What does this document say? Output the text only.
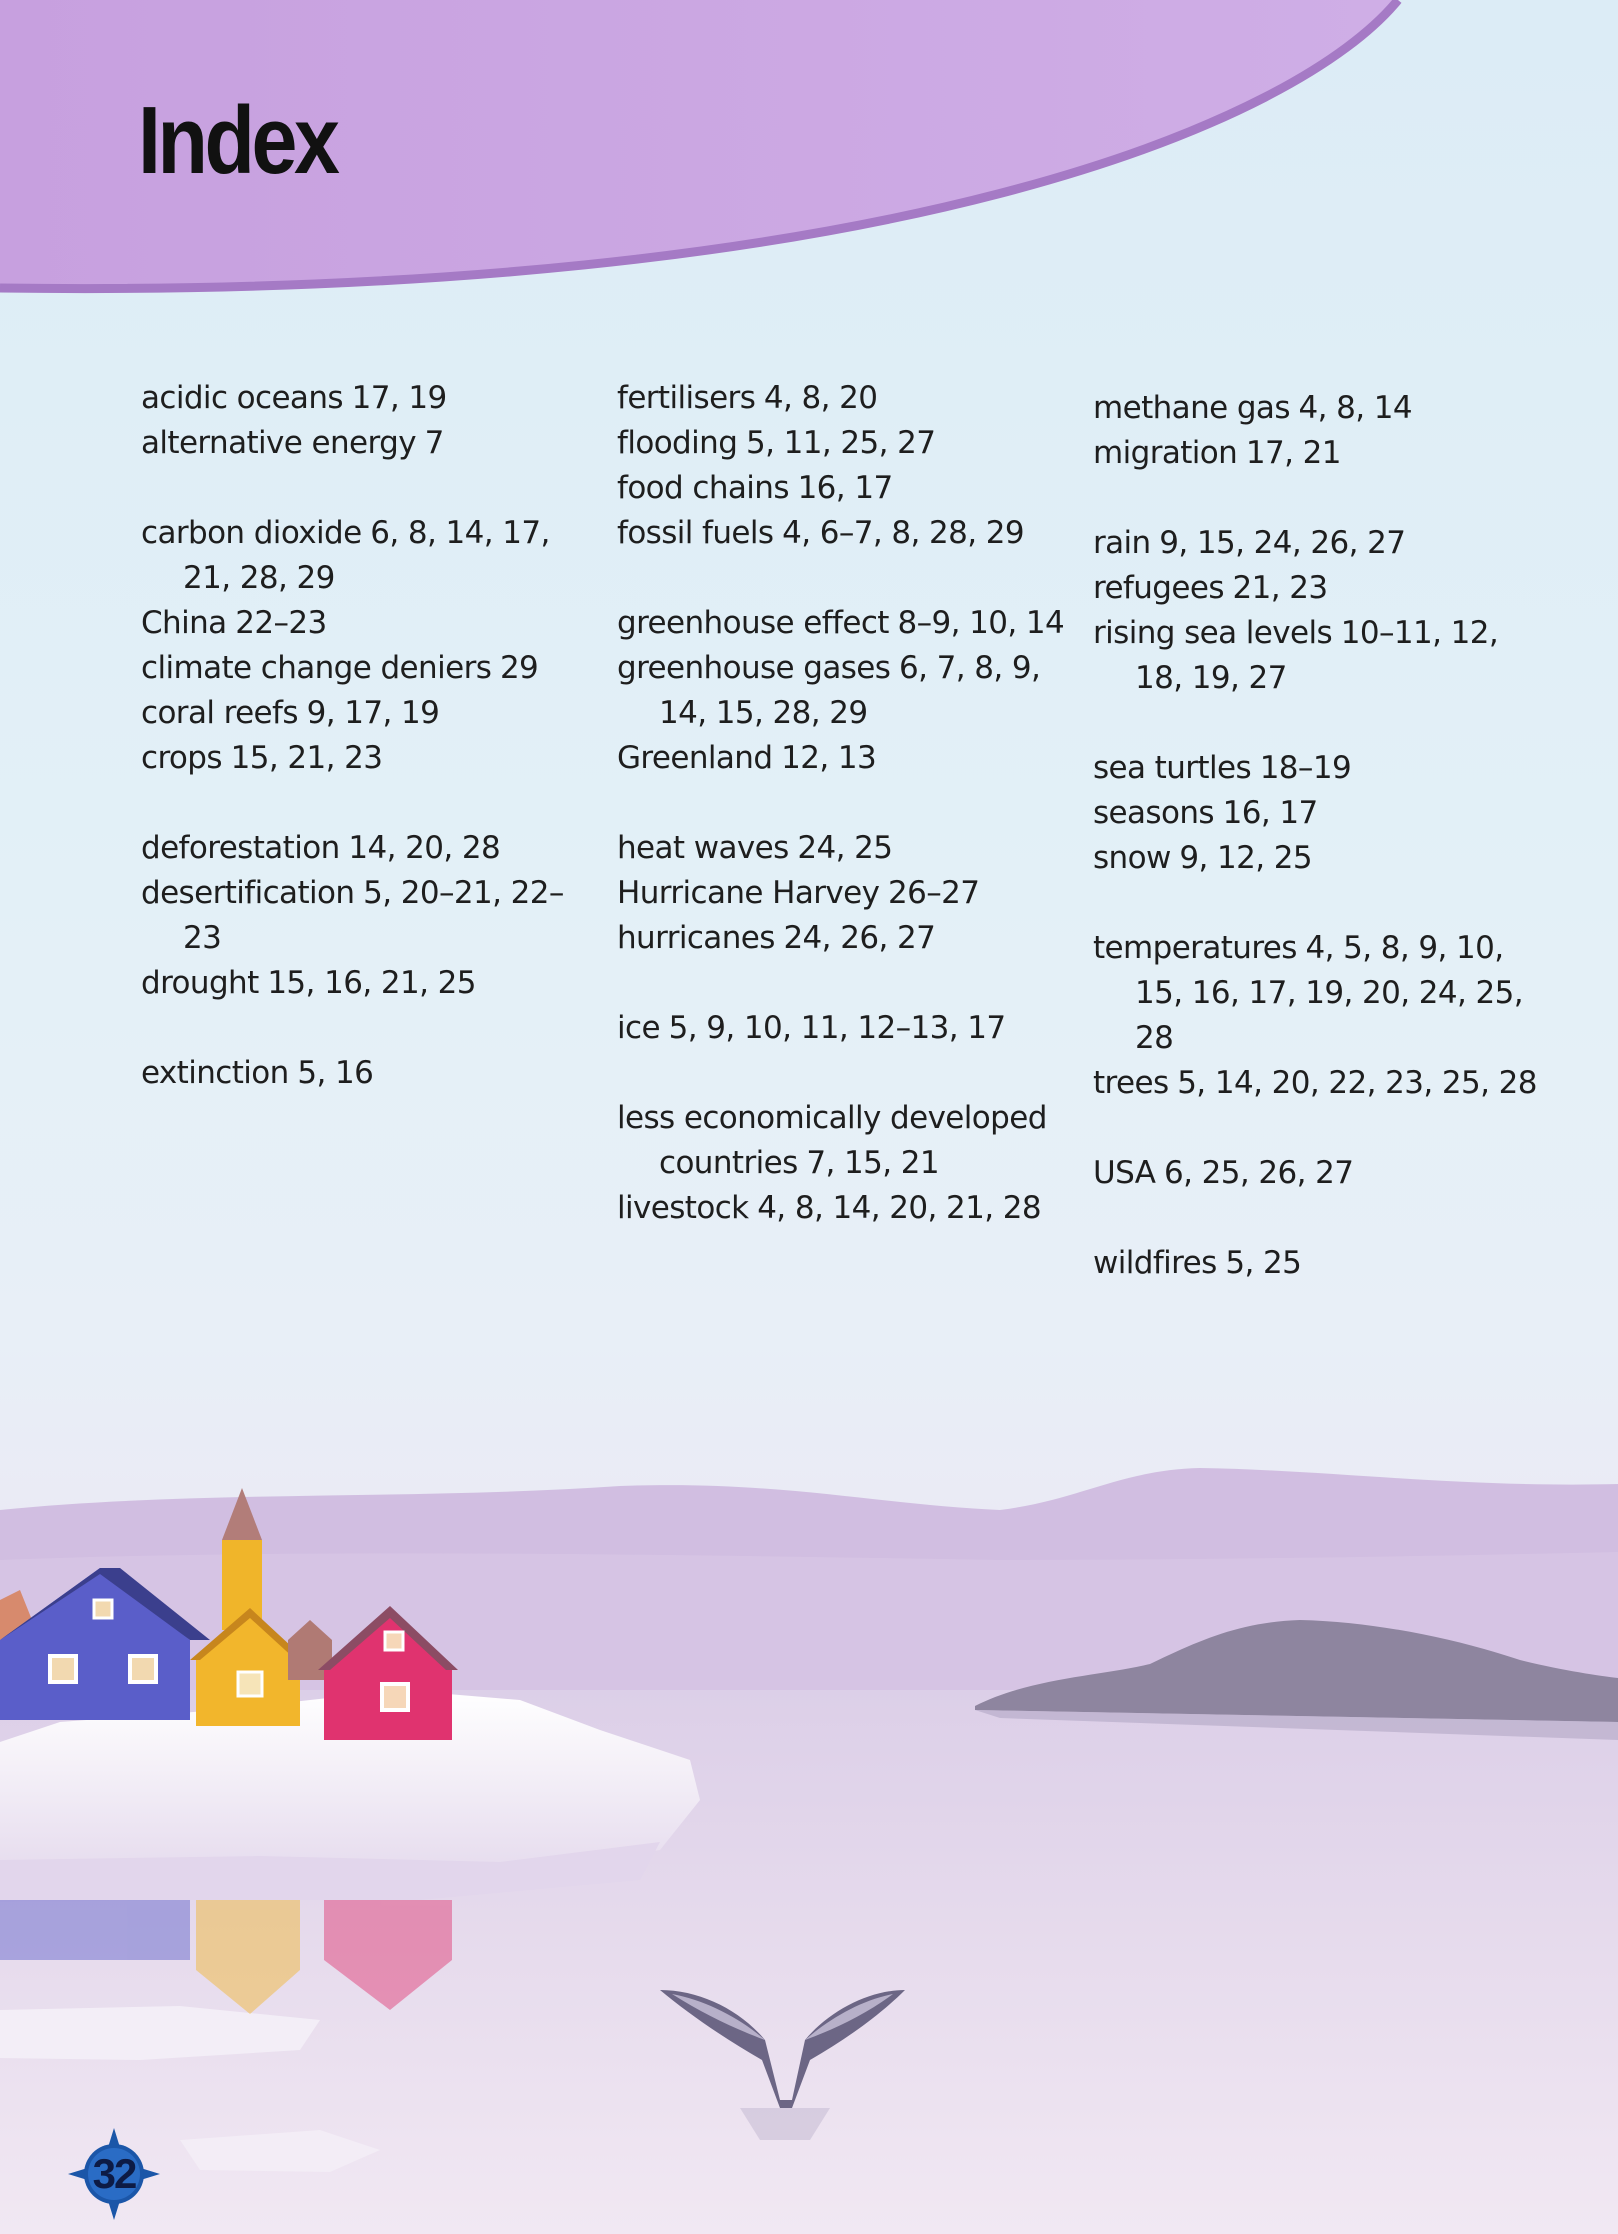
Index

acidic oceans 17, 19

alternative energy 7

carbon dioxide 6, 8, 14, 17, 21, 28, 29

China 22–23

climate change deniers 29

coral reefs 9, 17, 19

crops 15, 21, 23

deforestation 14, 20, 28

desertification 5, 20–21, 22–23

drought 15, 16, 21, 25

extinction 5, 16

fertilisers 4, 8, 20

flooding 5, 11, 25, 27

food chains 16, 17

fossil fuels 4, 6–7, 8, 28, 29

greenhouse effect 8–9, 10, 14

greenhouse gases 6, 7, 8, 9, 14, 15, 28, 29

Greenland 12, 13

heat waves 24, 25

Hurricane Harvey 26–27

hurricanes 24, 26, 27

ice 5, 9, 10, 11, 12–13, 17

less economically developed countries 7, 15, 21

livestock 4, 8, 14, 20, 21, 28

methane gas 4, 8, 14

migration 17, 21

rain 9, 15, 24, 26, 27

refugees 21, 23

rising sea levels 10–11, 12, 18, 19, 27

sea turtles 18–19

seasons 16, 17

snow 9, 12, 25

temperatures 4, 5, 8, 9, 10, 15, 16, 17, 19, 20, 24, 25, 28

trees 5, 14, 20, 22, 23, 25, 28

USA 6, 25, 26, 27

wildfires 5, 25

32
